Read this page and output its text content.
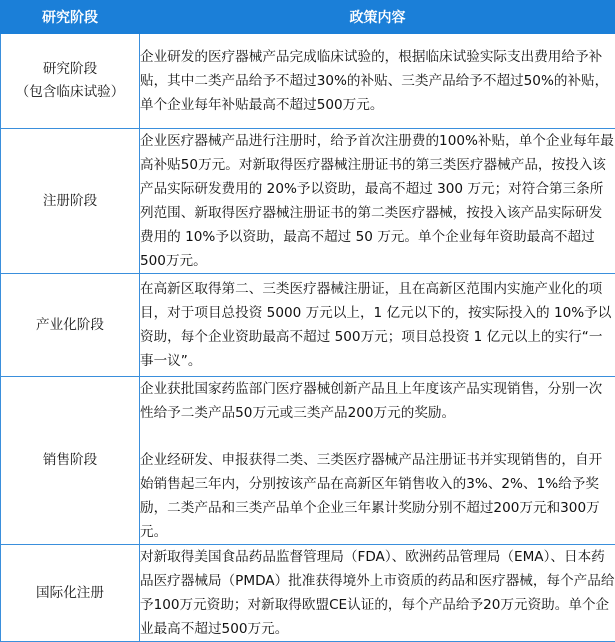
研究阶段	政策内容

研究阶段
（包含临床试验）	企业研发的医疗器械产品完成临床试验的，根据临床试验实际支出费用给予补贴，其中二类产品给予不超过30%的补贴、三类产品给予不超过50%的补贴，单个企业每年补贴最高不超过500万元。

注册阶段	企业医疗器械产品进行注册时，给予首次注册费的100%补贴，单个企业每年最高补贴50万元。对新取得医疗器械注册证书的第三类医疗器械产品，按投入该产品实际研发费用的 20%予以资助，最高不超过 300 万元；对符合第三条所列范围、新取得医疗器械注册证书的第二类医疗器械，按投入该产品实际研发费用的 10%予以资助，最高不超过 50 万元。单个企业每年资助最高不超过 500万元。

产业化阶段	在高新区取得第二、三类医疗器械注册证，且在高新区范围内实施产业化的项目，对于项目总投资 5000 万元以上，1 亿元以下的，按实际投入的 10%予以资助，每个企业资助最高不超过 500万元；项目总投资 1 亿元以上的实行“一事一议”。

销售阶段	企业获批国家药监部门医疗器械创新产品且上年度该产品实现销售，分别一次性给予二类产品50万元或三类产品200万元的奖励。
企业经研发、申报获得二类、三类医疗器械产品注册证书并实现销售的，自开始销售起三年内，分别按该产品在高新区年销售收入的3%、2%、1%给予奖励，二类产品和三类产品单个企业三年累计奖励分别不超过200万元和300万元。

国际化注册	对新取得美国食品药品监督管理局（FDA）、欧洲药品管理局（EMA）、日本药品医疗器械局（PMDA）批准获得境外上市资质的药品和医疗器械，每个产品给予100万元资助；对新取得欧盟CE认证的，每个产品给予20万元资助。单个企业最高不超过500万元。
